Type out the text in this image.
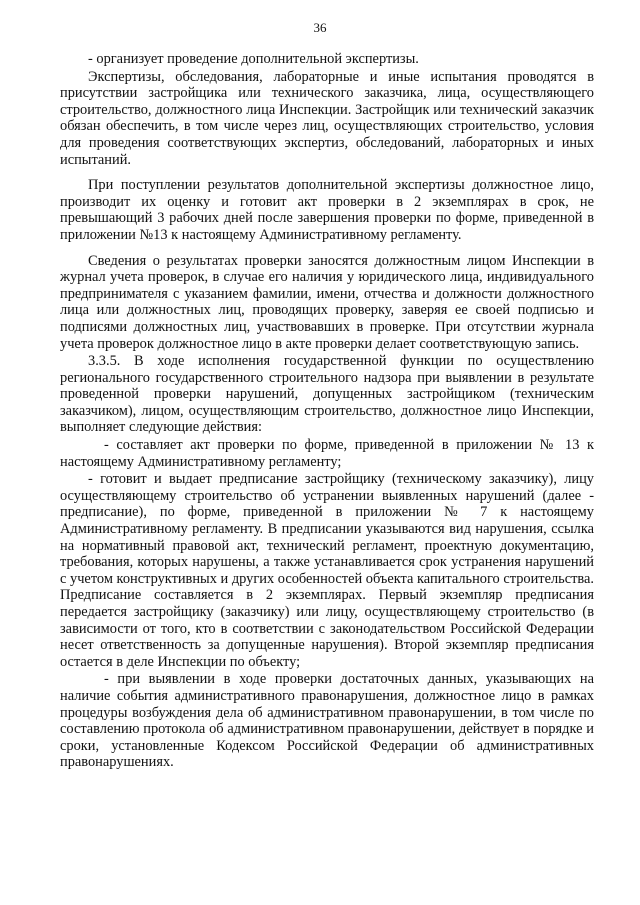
36

- организует проведение дополнительной экспертизы.

Экспертизы, обследования, лабораторные и иные испытания проводятся в присутствии застройщика или технического заказчика, лица, осуществляющего строительство, должностного лица Инспекции. Застройщик или технический заказчик обязан обеспечить, в том числе через лиц, осуществляющих строительство, условия для проведения соответствующих экспертиз, обследований, лабораторных и иных испытаний.

При поступлении результатов дополнительной экспертизы должностное лицо, производит их оценку и готовит акт проверки в 2 экземплярах в срок, не превышающий 3 рабочих дней после завершения проверки по форме, приведенной в приложении №13 к настоящему Административному регламенту.

Сведения о результатах проверки заносятся должностным лицом Инспекции в журнал учета проверок, в случае его наличия у юридического лица, индивидуального предпринимателя с указанием фамилии, имени, отчества и должности должностного лица или должностных лиц, проводящих проверку, заверяя ее своей подписью и подписями должностных лиц, участвовавших в проверке. При отсутствии журнала учета проверок должностное лицо в акте проверки делает соответствующую запись.

3.3.5. В ходе исполнения государственной функции по осуществлению регионального государственного строительного надзора при выявлении в результате проведенной проверки нарушений, допущенных застройщиком (техническим заказчиком), лицом, осуществляющим строительство, должностное лицо Инспекции, выполняет следующие действия:

- составляет акт проверки по форме, приведенной в приложении № 13 к настоящему Административному регламенту;

- готовит и выдает предписание застройщику (техническому заказчику), лицу осуществляющему строительство об устранении выявленных нарушений (далее - предписание), по форме, приведенной в приложении № 7 к настоящему Административному регламенту. В предписании указываются вид нарушения, ссылка на нормативный правовой акт, технический регламент, проектную документацию, требования, которых нарушены, а также устанавливается срок устранения нарушений с учетом конструктивных и других особенностей объекта капитального строительства. Предписание составляется в 2 экземплярах. Первый экземпляр предписания передается застройщику (заказчику) или лицу, осуществляющему строительство (в зависимости от того, кто в соответствии с законодательством Российской Федерации несет ответственность за допущенные нарушения). Второй экземпляр предписания остается в деле Инспекции по объекту;

- при выявлении в ходе проверки достаточных данных, указывающих на наличие события административного правонарушения, должностное лицо в рамках процедуры возбуждения дела об административном правонарушении, в том числе по составлению протокола об административном правонарушении, действует в порядке и сроки, установленные Кодексом Российской Федерации об административных правонарушениях.
